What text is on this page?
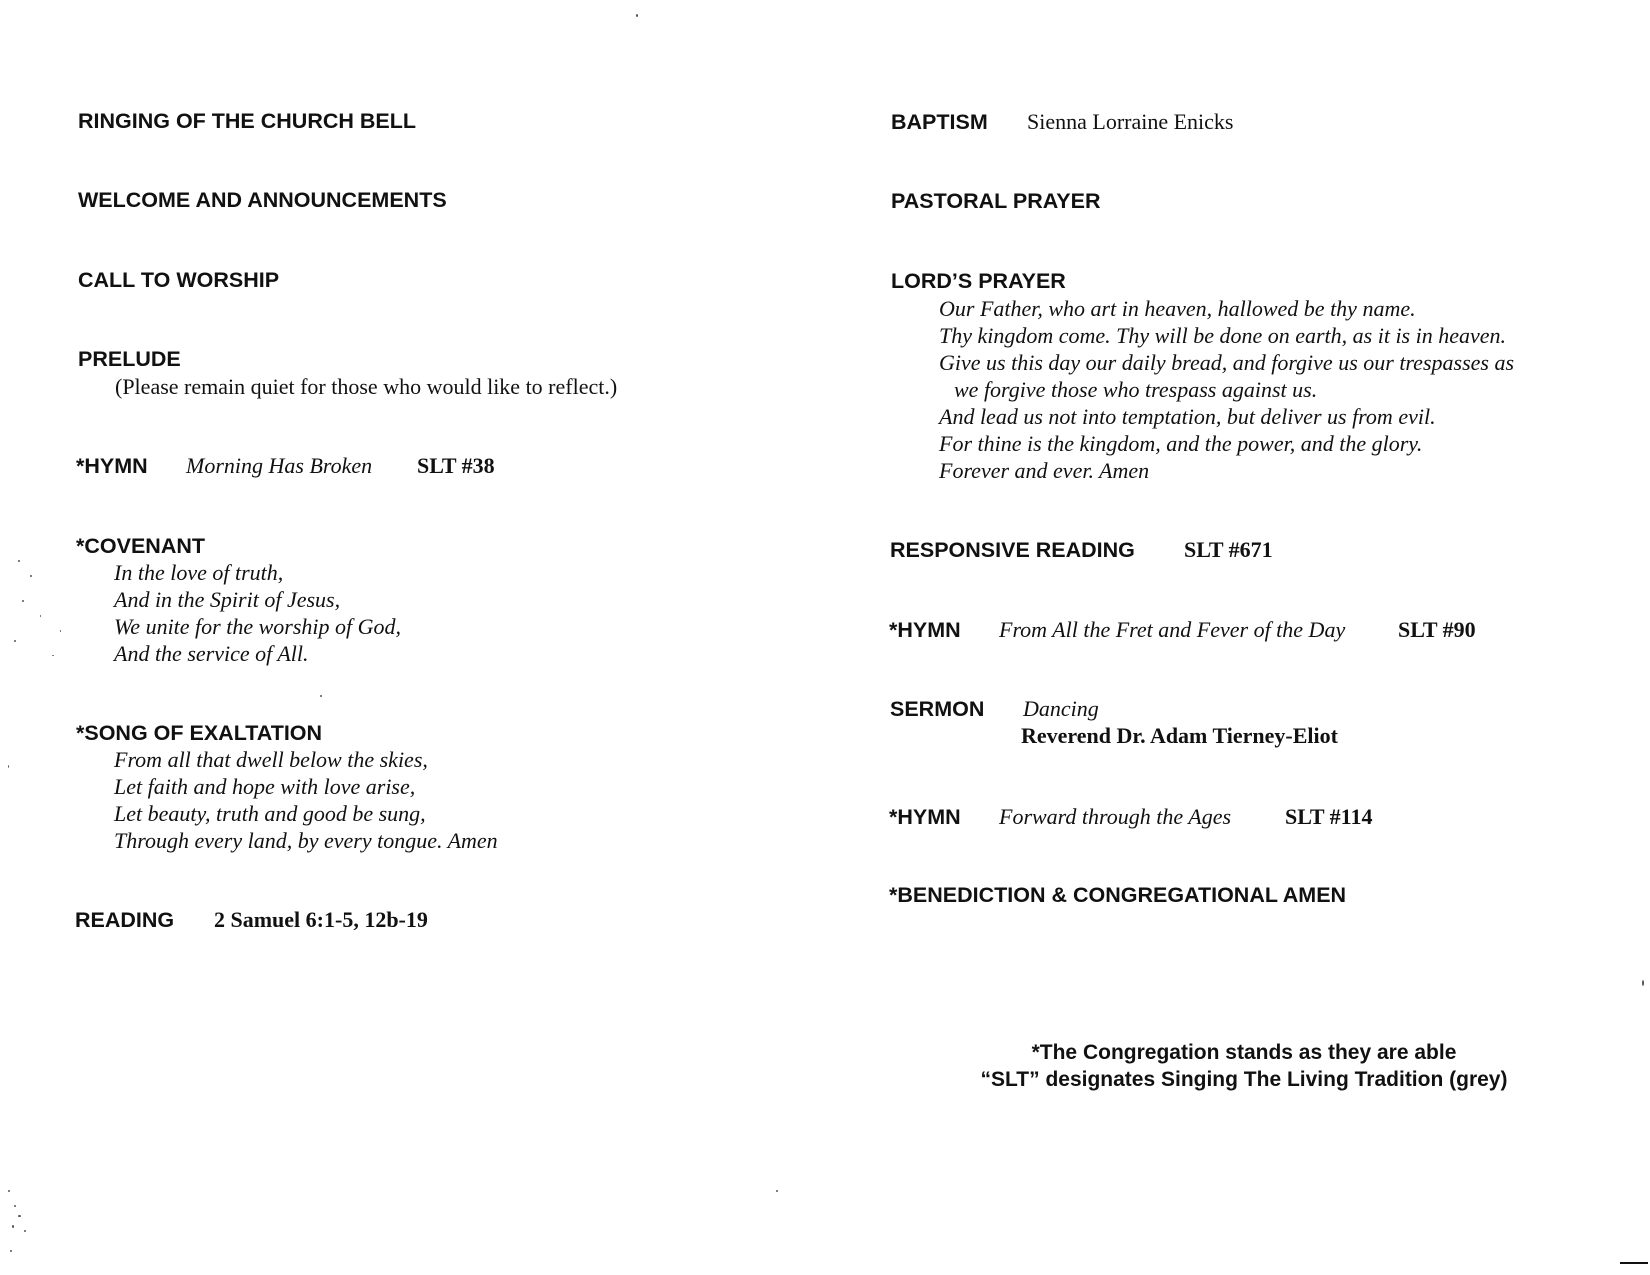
RINGING OF THE CHURCH BELL
WELCOME AND ANNOUNCEMENTS
CALL TO WORSHIP
PRELUDE
(Please remain quiet for those who would like to reflect.)
*HYMN Morning Has Broken SLT #38
*COVENANT
In the love of truth,
And in the Spirit of Jesus,
We unite for the worship of God,
And the service of All.
*SONG OF EXALTATION
From all that dwell below the skies,
Let faith and hope with love arise,
Let beauty, truth and good be sung,
Through every land, by every tongue. Amen
READING 2 Samuel 6:1-5, 12b-19
BAPTISM Sienna Lorraine Enicks
PASTORAL PRAYER
LORD’S PRAYER
Our Father, who art in heaven, hallowed be thy name.
Thy kingdom come. Thy will be done on earth, as it is in heaven.
Give us this day our daily bread, and forgive us our trespasses as
we forgive those who trespass against us.
And lead us not into temptation, but deliver us from evil.
For thine is the kingdom, and the power, and the glory.
Forever and ever. Amen
RESPONSIVE READING SLT #671
*HYMN From All the Fret and Fever of the Day SLT #90
SERMON Dancing
Reverend Dr. Adam Tierney-Eliot
*HYMN Forward through the Ages SLT #114
*BENEDICTION & CONGREGATIONAL AMEN
*The Congregation stands as they are able
“SLT” designates Singing The Living Tradition (grey)
